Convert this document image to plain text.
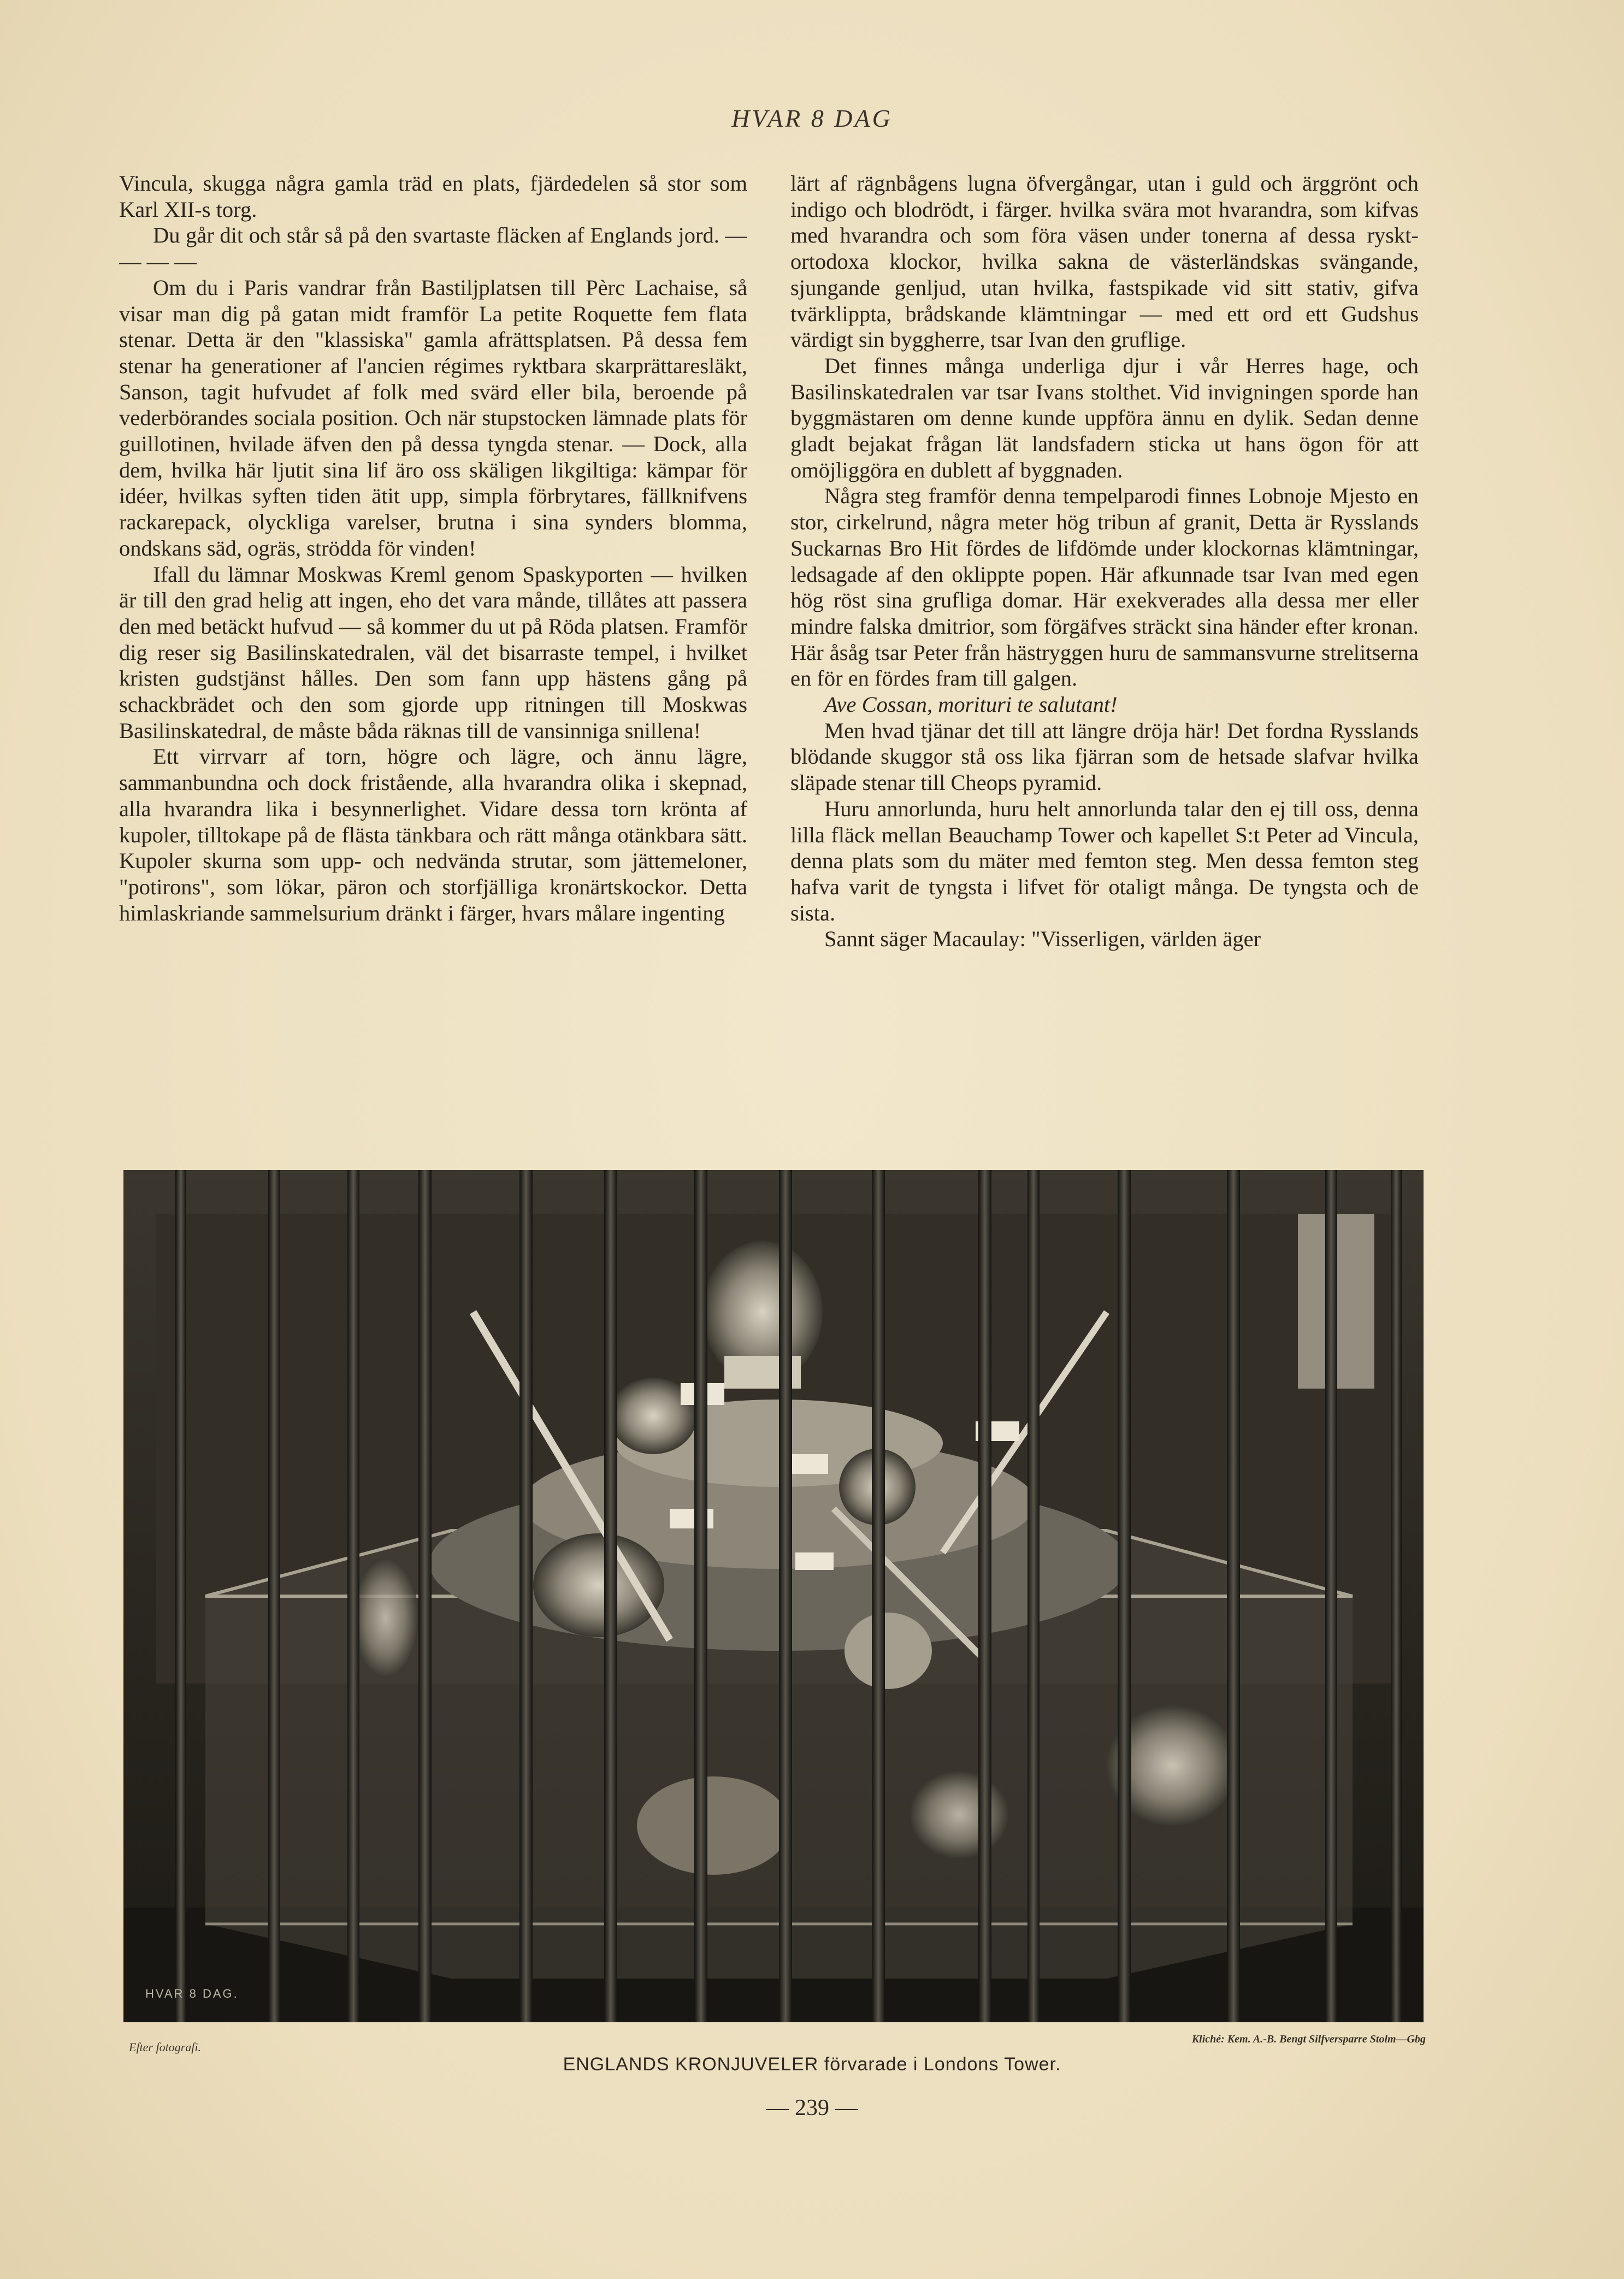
HVAR 8 DAG

Vincula, skugga några gamla träd en plats, fjärdedelen så stor som Karl XII-s torg.

Du går dit och står så på den svartaste fläcken af Englands jord. — — — —

Om du i Paris vandrar från Bastiljplatsen till Pèrc Lachaise, så visar man dig på gatan midt framför La petite Roquette fem flata stenar. Detta är den "klassiska" gamla afrättsplatsen. På dessa fem stenar ha generationer af l'ancien régimes ryktbara skarprättaresläkt, Sanson, tagit hufvudet af folk med svärd eller bila, beroende på vederbörandes sociala position. Och när stupstocken lämnade plats för guillotinen, hvilade äfven den på dessa tyngda stenar. — Dock, alla dem, hvilka här ljutit sina lif äro oss skäligen likgiltiga: kämpar för idéer, hvilkas syften tiden ätit upp, simpla förbrytares, fällknifvens rackarepack, olyckliga varelser, brutna i sina synders blomma, ondskans säd, ogräs, strödda för vinden!

Ifall du lämnar Moskwas Kreml genom Spaskyporten — hvilken är till den grad helig att ingen, eho det vara månde, tillåtes att passera den med betäckt hufvud — så kommer du ut på Röda platsen. Framför dig reser sig Basilinskatedralen, väl det bisarraste tempel, i hvilket kristen gudstjänst hålles. Den som fann upp hästens gång på schackbrädet och den som gjorde upp ritningen till Moskwas Basilinskatedral, de måste båda räknas till de vansinniga snillena!

Ett virrvarr af torn, högre och lägre, och ännu lägre, sammanbundna och dock fristående, alla hvarandra olika i skepnad, alla hvarandra lika i besynnerlighet. Vidare dessa torn krönta af kupoler, tilltokape på de flästa tänkbara och rätt många otänkbara sätt. Kupoler skurna som upp- och nedvända strutar, som jättemeloner, "potirons", som lökar, päron och storfjälliga kronärtskockor. Detta himlaskriande sammelsurium dränkt i färger, hvars målare ingenting

lärt af rägnbågens lugna öfvergångar, utan i guld och ärggrönt och indigo och blodrödt, i färger. hvilka svära mot hvarandra, som kifvas med hvarandra och som föra väsen under tonerna af dessa ryskt-ortodoxa klockor, hvilka sakna de västerländskas svängande, sjungande genljud, utan hvilka, fastspikade vid sitt stativ, gifva tvärklippta, brådskande klämtningar — med ett ord ett Gudshus värdigt sin byggherre, tsar Ivan den gruflige.

Det finnes många underliga djur i vår Herres hage, och Basilinskatedralen var tsar Ivans stolthet. Vid invigningen sporde han byggmästaren om denne kunde uppföra ännu en dylik. Sedan denne gladt bejakat frågan lät landsfadern sticka ut hans ögon för att omöjliggöra en dublett af byggnaden.

Några steg framför denna tempelparodi finnes Lobnoje Mjesto en stor, cirkelrund, några meter hög tribun af granit, Detta är Rysslands Suckarnas Bro Hit fördes de lifdömde under klockornas klämtningar, ledsagade af den oklippte popen. Här afkunnade tsar Ivan med egen hög röst sina gruflіga domar. Här exekverades alla dessa mer eller mindre falska dmitrior, som förgäfves sträckt sina händer efter kronan. Här åsåg tsar Peter från hästryggen huru de sammansvurne strelitserna en för en fördes fram till galgen.

Ave Cossan, morituri te salutant!

Men hvad tjänar det till att längre dröja här! Det fordna Rysslands blödande skuggor stå oss lika fjärran som de hetsade slafvar hvilka släpade stenar till Cheops pyramid.

Huru annorlunda, huru helt annorlunda talar den ej till oss, denna lilla fläck mellan Beauchamp Tower och kapellet S:t Peter ad Vincula, denna plats som du mäter med femton steg. Men dessa femton steg hafva varit de tyngsta i lifvet för otaligt många. De tyngsta och de sista.

Sannt säger Macaulay: "Visserligen, världen äger

HVAR 8 DAG.
Efter fotografi.
Kliché: Kem. A.-B. Bengt Silfversparre Stolm—Gbg
ENGLANDS KRONJUVELER förvarade i Londons Tower.
— 239 —
